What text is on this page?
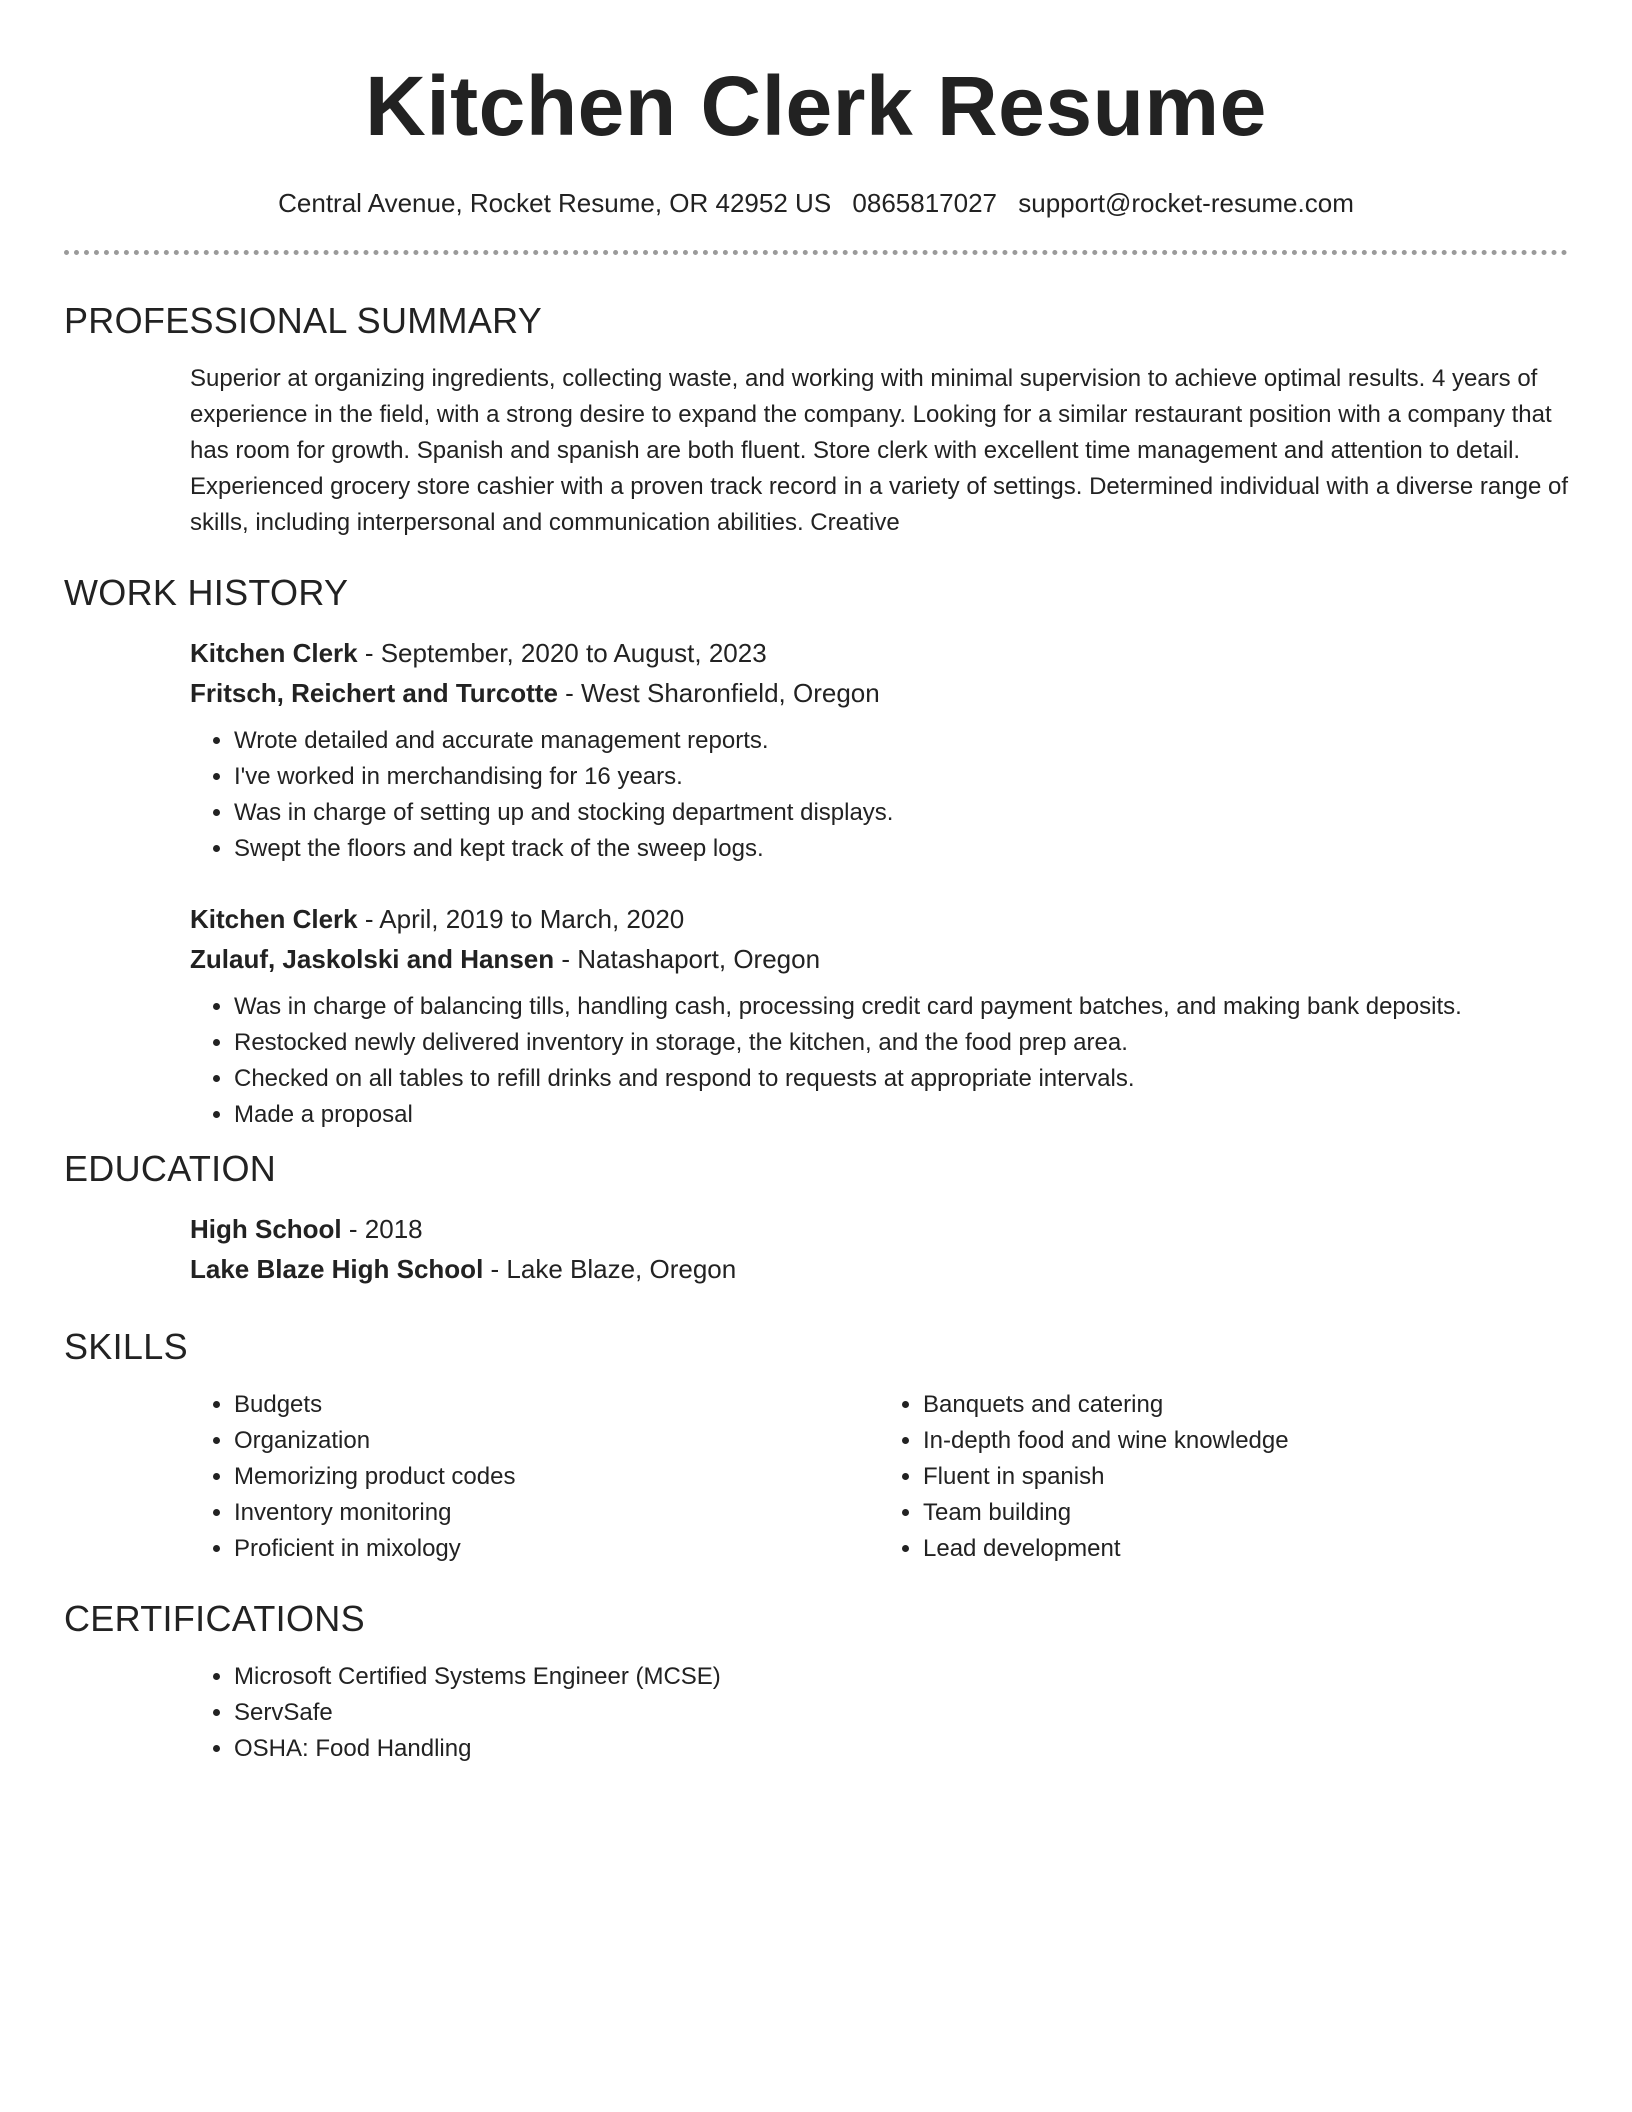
Kitchen Clerk Resume
Central Avenue, Rocket Resume, OR 42952 US 0865817027 support@rocket-resume.com
PROFESSIONAL SUMMARY

Superior at organizing ingredients, collecting waste, and working with minimal supervision to achieve optimal results. 4 years of experience in the field, with a strong desire to expand the company. Looking for a similar restaurant position with a company that has room for growth. Spanish and spanish are both fluent. Store clerk with excellent time management and attention to detail. Experienced grocery store cashier with a proven track record in a variety of settings. Determined individual with a diverse range of skills, including interpersonal and communication abilities. Creative

WORK HISTORY
Kitchen Clerk - September, 2020 to August, 2023
Fritsch, Reichert and Turcotte - West Sharonfield, Oregon
• Wrote detailed and accurate management reports.
• I've worked in merchandising for 16 years.
• Was in charge of setting up and stocking department displays.
• Swept the floors and kept track of the sweep logs.
Kitchen Clerk - April, 2019 to March, 2020
Zulauf, Jaskolski and Hansen - Natashaport, Oregon
• Was in charge of balancing tills, handling cash, processing credit card payment batches, and making bank deposits.
• Restocked newly delivered inventory in storage, the kitchen, and the food prep area.
• Checked on all tables to refill drinks and respond to requests at appropriate intervals.
• Made a proposal
EDUCATION
High School - 2018
Lake Blaze High School - Lake Blaze, Oregon
SKILLS
• Budgets
• Organization
• Memorizing product codes
• Inventory monitoring
• Proficient in mixology
• Banquets and catering
• In-depth food and wine knowledge
• Fluent in spanish
• Team building
• Lead development
CERTIFICATIONS
• Microsoft Certified Systems Engineer (MCSE)
• ServSafe
• OSHA: Food Handling
